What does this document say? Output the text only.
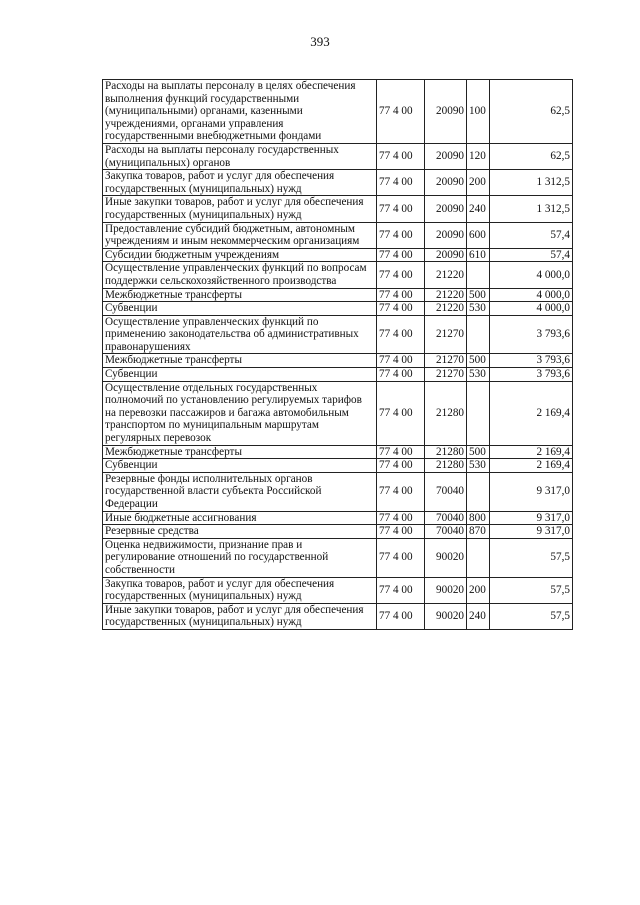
393
Расходы на выплаты персоналу в целях обеспечения выполнения функций государственными (муниципальными) органами, казенными учреждениями, органами управления государственными внебюджетными фондами	77 4 00	20090	100	62,5
Расходы на выплаты персоналу государственных (муниципальных) органов	77 4 00	20090	120	62,5
Закупка товаров, работ и услуг для обеспечения государственных (муниципальных) нужд	77 4 00	20090	200	1 312,5
Иные закупки товаров, работ и услуг для обеспечения государственных (муниципальных) нужд	77 4 00	20090	240	1 312,5
Предоставление субсидий бюджетным, автономным учреждениям и иным некоммерческим организациям	77 4 00	20090	600	57,4
Субсидии бюджетным учреждениям	77 4 00	20090	610	57,4
Осуществление управленческих функций по вопросам поддержки сельскохозяйственного производства	77 4 00	21220		4 000,0
Межбюджетные трансферты	77 4 00	21220	500	4 000,0
Субвенции	77 4 00	21220	530	4 000,0
Осуществление управленческих функций по применению законодательства об административных правонарушениях	77 4 00	21270		3 793,6
Межбюджетные трансферты	77 4 00	21270	500	3 793,6
Субвенции	77 4 00	21270	530	3 793,6
Осуществление отдельных государственных полномочий по установлению регулируемых тарифов на перевозки пассажиров и багажа автомобильным транспортом по муниципальным маршрутам регулярных перевозок	77 4 00	21280		2 169,4
Межбюджетные трансферты	77 4 00	21280	500	2 169,4
Субвенции	77 4 00	21280	530	2 169,4
Резервные фонды исполнительных органов государственной власти субъекта Российской Федерации	77 4 00	70040		9 317,0
Иные бюджетные ассигнования	77 4 00	70040	800	9 317,0
Резервные средства	77 4 00	70040	870	9 317,0
Оценка недвижимости, признание прав и регулирование отношений по государственной собственности	77 4 00	90020		57,5
Закупка товаров, работ и услуг для обеспечения государственных (муниципальных) нужд	77 4 00	90020	200	57,5
Иные закупки товаров, работ и услуг для обеспечения государственных (муниципальных) нужд	77 4 00	90020	240	57,5
